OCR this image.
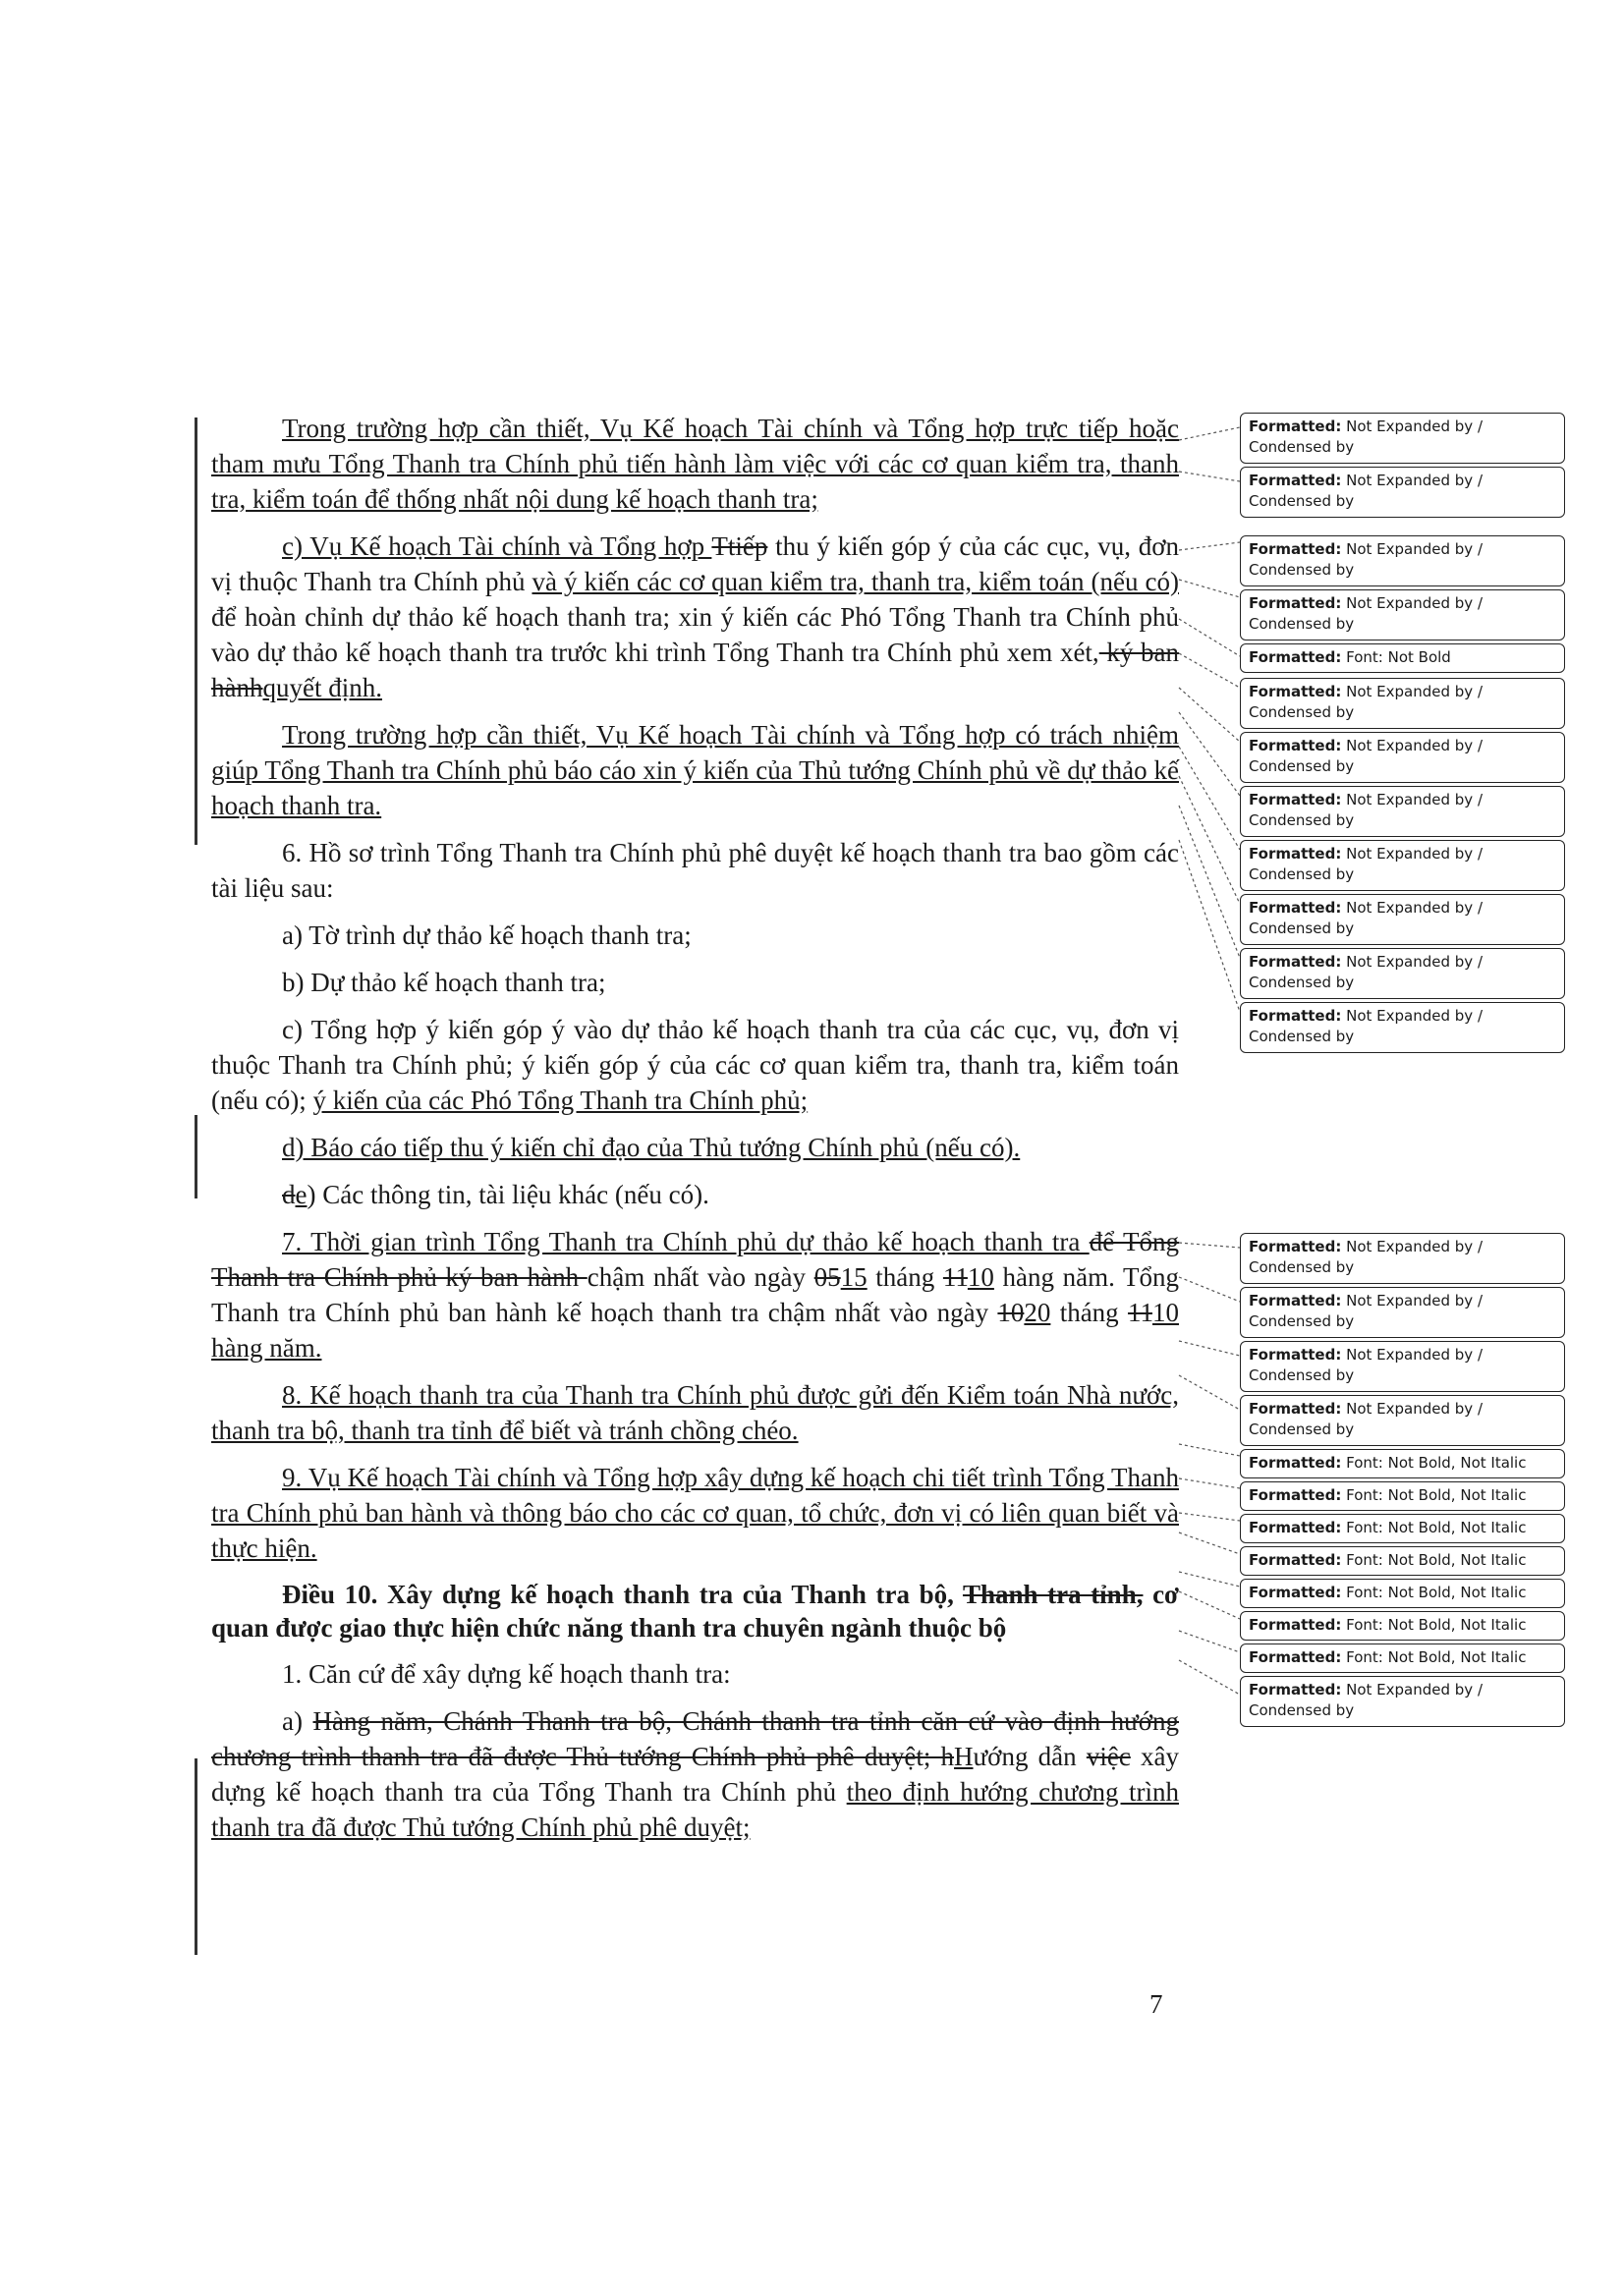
Trong trường hợp cần thiết, Vụ Kế hoạch Tài chính và Tổng hợp trực tiếp hoặc tham mưu Tổng Thanh tra Chính phủ tiến hành làm việc với các cơ quan kiểm tra, thanh tra, kiểm toán để thống nhất nội dung kế hoạch thanh tra;

c) Vụ Kế hoạch Tài chính và Tổng hợp Ttiếp thu ý kiến góp ý của các cục, vụ, đơn vị thuộc Thanh tra Chính phủ và ý kiến các cơ quan kiểm tra, thanh tra, kiểm toán (nếu có) để hoàn chỉnh dự thảo kế hoạch thanh tra; xin ý kiến các Phó Tổng Thanh tra Chính phủ vào dự thảo kế hoạch thanh tra trước khi trình Tổng Thanh tra Chính phủ xem xét, ký ban hànhquyết định.

Trong trường hợp cần thiết, Vụ Kế hoạch Tài chính và Tổng hợp có trách nhiệm giúp Tổng Thanh tra Chính phủ báo cáo xin ý kiến của Thủ tướng Chính phủ về dự thảo kế hoạch thanh tra.

6. Hồ sơ trình Tổng Thanh tra Chính phủ phê duyệt kế hoạch thanh tra bao gồm các tài liệu sau:

a) Tờ trình dự thảo kế hoạch thanh tra;

b) Dự thảo kế hoạch thanh tra;

c) Tổng hợp ý kiến góp ý vào dự thảo kế hoạch thanh tra của các cục, vụ, đơn vị thuộc Thanh tra Chính phủ; ý kiến góp ý của các cơ quan kiểm tra, thanh tra, kiểm toán (nếu có); ý kiến của các Phó Tổng Thanh tra Chính phủ;

d) Báo cáo tiếp thu ý kiến chỉ đạo của Thủ tướng Chính phủ (nếu có).

de) Các thông tin, tài liệu khác (nếu có).

7. Thời gian trình Tổng Thanh tra Chính phủ dự thảo kế hoạch thanh tra để Tổng Thanh tra Chính phủ ký ban hành chậm nhất vào ngày 0515 tháng 1110 hàng năm. Tổng Thanh tra Chính phủ ban hành kế hoạch thanh tra chậm nhất vào ngày 1020 tháng 1110 hàng năm.

8. Kế hoạch thanh tra của Thanh tra Chính phủ được gửi đến Kiểm toán Nhà nước, thanh tra bộ, thanh tra tỉnh để biết và tránh chồng chéo.

9. Vụ Kế hoạch Tài chính và Tổng hợp xây dựng kế hoạch chi tiết trình Tổng Thanh tra Chính phủ ban hành và thông báo cho các cơ quan, tổ chức, đơn vị có liên quan biết và thực hiện.

Điều 10. Xây dựng kế hoạch thanh tra của Thanh tra bộ, Thanh tra tỉnh, cơ quan được giao thực hiện chức năng thanh tra chuyên ngành thuộc bộ

1. Căn cứ để xây dựng kế hoạch thanh tra:

a) Hàng năm, Chánh Thanh tra bộ, Chánh thanh tra tỉnh căn cứ vào định hướng chương trình thanh tra đã được Thủ tướng Chính phủ phê duyệt; hHướng dẫn việc xây dựng kế hoạch thanh tra của Tổng Thanh tra Chính phủ theo định hướng chương trình thanh tra đã được Thủ tướng Chính phủ phê duyệt;

Formatted: Not Expanded by / Condensed by
Formatted: Not Expanded by / Condensed by
Formatted: Not Expanded by / Condensed by
Formatted: Not Expanded by / Condensed by
Formatted: Font: Not Bold
Formatted: Not Expanded by / Condensed by
Formatted: Not Expanded by / Condensed by
Formatted: Not Expanded by / Condensed by
Formatted: Not Expanded by / Condensed by
Formatted: Not Expanded by / Condensed by
Formatted: Not Expanded by / Condensed by
Formatted: Not Expanded by / Condensed by
Formatted: Not Expanded by / Condensed by
Formatted: Not Expanded by / Condensed by
Formatted: Not Expanded by / Condensed by
Formatted: Not Expanded by / Condensed by
Formatted: Font: Not Bold, Not Italic
Formatted: Font: Not Bold, Not Italic
Formatted: Font: Not Bold, Not Italic
Formatted: Font: Not Bold, Not Italic
Formatted: Font: Not Bold, Not Italic
Formatted: Font: Not Bold, Not Italic
Formatted: Font: Not Bold, Not Italic
Formatted: Not Expanded by / Condensed by
7
